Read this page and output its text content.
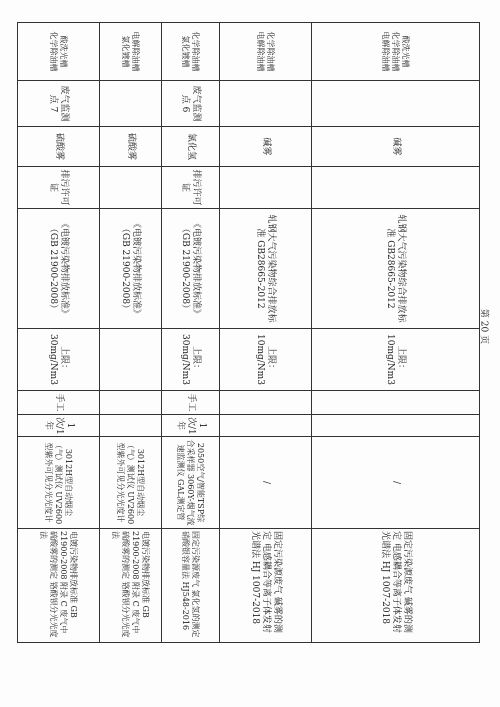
酸洗光槽
化学除油槽
电解除油槽		碱雾		轧钢大气污染物综合排放标准 GB28665-2012	上限：10mg/Nm3			/	固定污染源废气 碱雾的测定 电感耦合等离子体发射光谱法 HJ 1007-2018

化学除油槽
电解除油槽		碱雾		轧钢大气污染物综合排放标准 GB28665-2012	上限：10mg/Nm3			/	固定污染源废气 碱雾的测定 电感耦合等离子体发射光谱法 HJ 1007-2018

化学除油槽
氯化镀槽	废气监测点 6	氯化氢	排污许可证	《电镀污染物排放标准》（GB 21900-2008）	上限：30mg/Nm3	手工	1次/1年	2050空气/智能TSP综合采样器 3060Y-烟气流速监测仪 GAL测定管	固定污染源废气 氯化氢的测定 硝酸银容量法 HJ548-2016

电解除油槽
氯化镀槽		硫酸雾		《电镀污染物排放标准》（GB 21900-2008）				3012H型自动烟尘（气）测试仪 UV2600型紫外可见分光光度计	电镀污染物排放标准 GB 21900-2008 附录 C 废气中硫酸雾的测定 铬酸钡分光光度法

酸洗光槽
化学除油槽	废气监测点 7	硫酸雾	排污许可证	《电镀污染物排放标准》（GB 21900-2008）	上限：30mg/Nm3	手工	1次/1年	3012H型自动烟尘（气）测试仪 UV2600型紫外可见分光光度计	电镀污染物排放标准 GB 21900-2008 附录 C 废气中硫酸雾的测定 铬酸钡分光光度法
第 20 页
